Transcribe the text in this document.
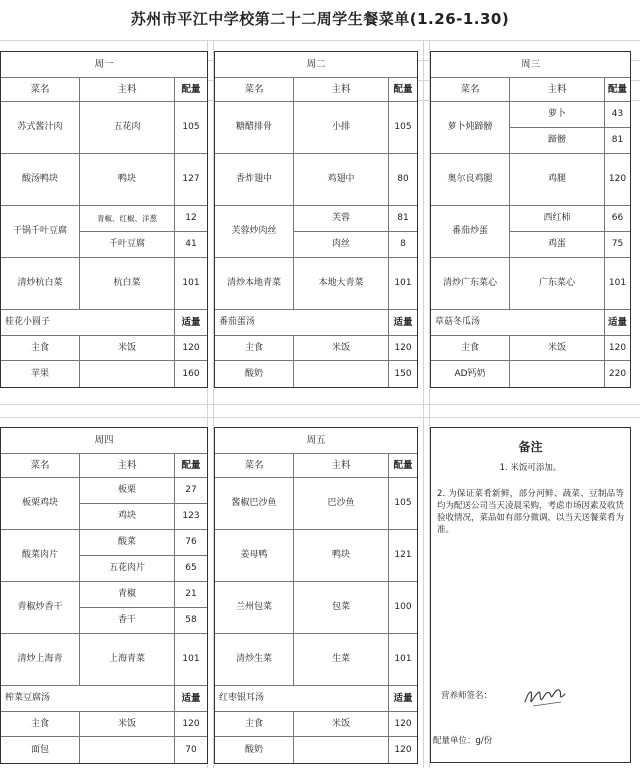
苏州市平江中学校第二十二周学生餐菜单(1.26-1.30)
周一
菜名	主料	配量
苏式酱汁肉	五花肉	105
酸汤鸭块	鸭块	127
干锅千叶豆腐
青椒、红椒、洋葱	12
千叶豆腐	41
清炒杭白菜	杭白菜	101
桂花小圆子	适量
主食	米饭	120
苹果	160
周二
菜名	主料	配量
糖醋排骨	小排	105
香炸翅中	鸡翅中	80
芙蓉炒肉丝
芙蓉	81
肉丝	8
清炒本地青菜	本地大青菜	101
番茄蛋汤	适量
主食	米饭	120
酸奶	150
周三
菜名	主料	配量
萝卜炖蹄髈
萝卜	43
蹄髈	81
奥尔良鸡腿	鸡腿	120
番茄炒蛋
西红柿	66
鸡蛋	75
清炒广东菜心	广东菜心	101
草菇冬瓜汤	适量
主食	米饭	120
AD钙奶	220
周四
菜名	主料	配量
板栗鸡块
板栗	27
鸡块	123
酸菜肉片
酸菜	76
五花肉片	65
青椒炒香干
青椒	21
香干	58
清炒上海青	上海青菜	101
榨菜豆腐汤	适量
主食	米饭	120
面包	70
周五
菜名	主料	配量
酱椒巴沙鱼	巴沙鱼	105
姜母鸭	鸭块	121
兰州包菜	包菜	100
清炒生菜	生菜	101
红枣银耳汤	适量
主食	米饭	120
酸奶	120
备注
1. 米饭可添加。
2. 为保证菜肴新鲜，部分河鲜、蔬菜、豆制品等均为配送公司当天凌晨采购，考虑市场因素及收货验收情况，菜品如有部分微调，以当天送餐菜肴为准。
营养师签名：
配量单位：g/份
